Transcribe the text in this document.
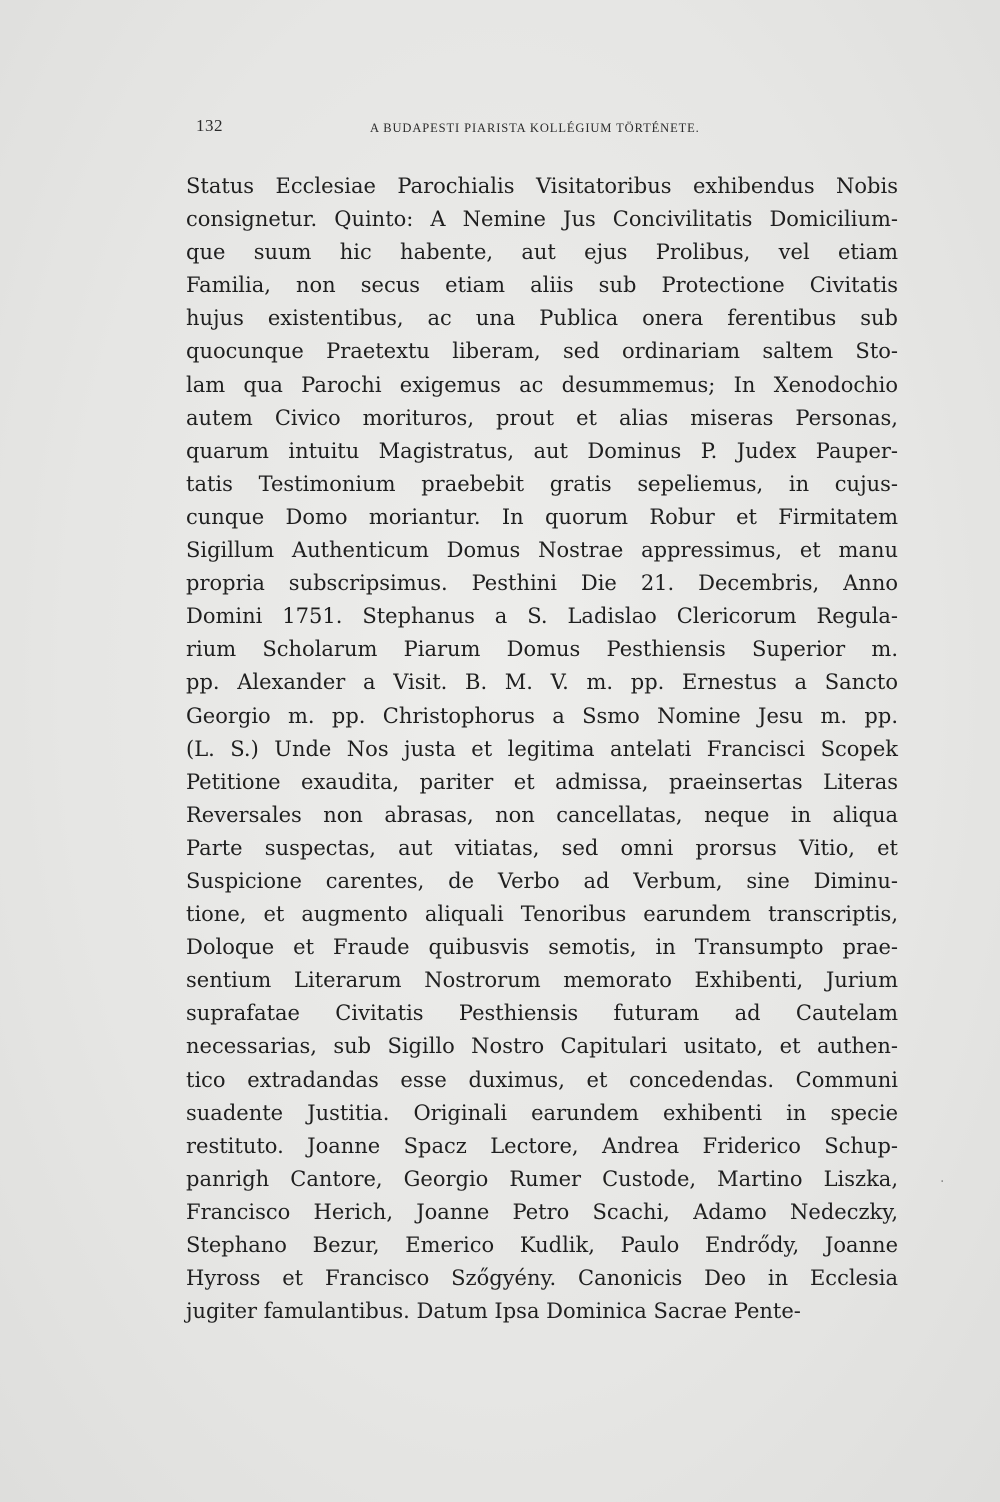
132	A BUDAPESTI PIARISTA KOLLÉGIUM TÖRTÉNETE.
Status Ecclesiae Parochialis Visitatoribus exhibendus Nobis
consignetur. Quinto: A Nemine Jus Concivilitatis Domicilium-
que suum hic habente, aut ejus Prolibus, vel etiam
Familia, non secus etiam aliis sub Protectione Civitatis
hujus existentibus, ac una Publica onera ferentibus sub
quocunque Praetextu liberam, sed ordinariam saltem Sto-
lam qua Parochi exigemus ac desummemus; In Xenodochio
autem Civico morituros, prout et alias miseras Personas,
quarum intuitu Magistratus, aut Dominus P. Judex Pauper-
tatis Testimonium praebebit gratis sepeliemus, in cujus-
cunque Domo moriantur. In quorum Robur et Firmitatem
Sigillum Authenticum Domus Nostrae appressimus, et manu
propria subscripsimus. Pesthini Die 21. Decembris, Anno
Domini 1751. Stephanus a S. Ladislao Clericorum Regula-
rium Scholarum Piarum Domus Pesthiensis Superior m.
pp. Alexander a Visit. B. M. V. m. pp. Ernestus a Sancto
Georgio m. pp. Christophorus a Ssmo Nomine Jesu m. pp.
(L. S.) Unde Nos justa et legitima antelati Francisci Scopek
Petitione exaudita, pariter et admissa, praeinsertas Literas
Reversales non abrasas, non cancellatas, neque in aliqua
Parte suspectas, aut vitiatas, sed omni prorsus Vitio, et
Suspicione carentes, de Verbo ad Verbum, sine Diminu-
tione, et augmento aliquali Tenoribus earundem transcriptis,
Doloque et Fraude quibusvis semotis, in Transumpto prae-
sentium Literarum Nostrorum memorato Exhibenti, Jurium
suprafatae Civitatis Pesthiensis futuram ad Cautelam
necessarias, sub Sigillo Nostro Capitulari usitato, et authen-
tico extradandas esse duximus, et concedendas. Communi
suadente Justitia. Originali earundem exhibenti in specie
restituto. Joanne Spacz Lectore, Andrea Friderico Schup-
panrigh Cantore, Georgio Rumer Custode, Martino Liszka,
Francisco Herich, Joanne Petro Scachi, Adamo Nedeczky,
Stephano Bezur, Emerico Kudlik, Paulo Endrődy, Joanne
Hyross et Francisco Szőgyény. Canonicis Deo in Ecclesia
jugiter famulantibus. Datum Ipsa Dominica Sacrae Pente-
·
